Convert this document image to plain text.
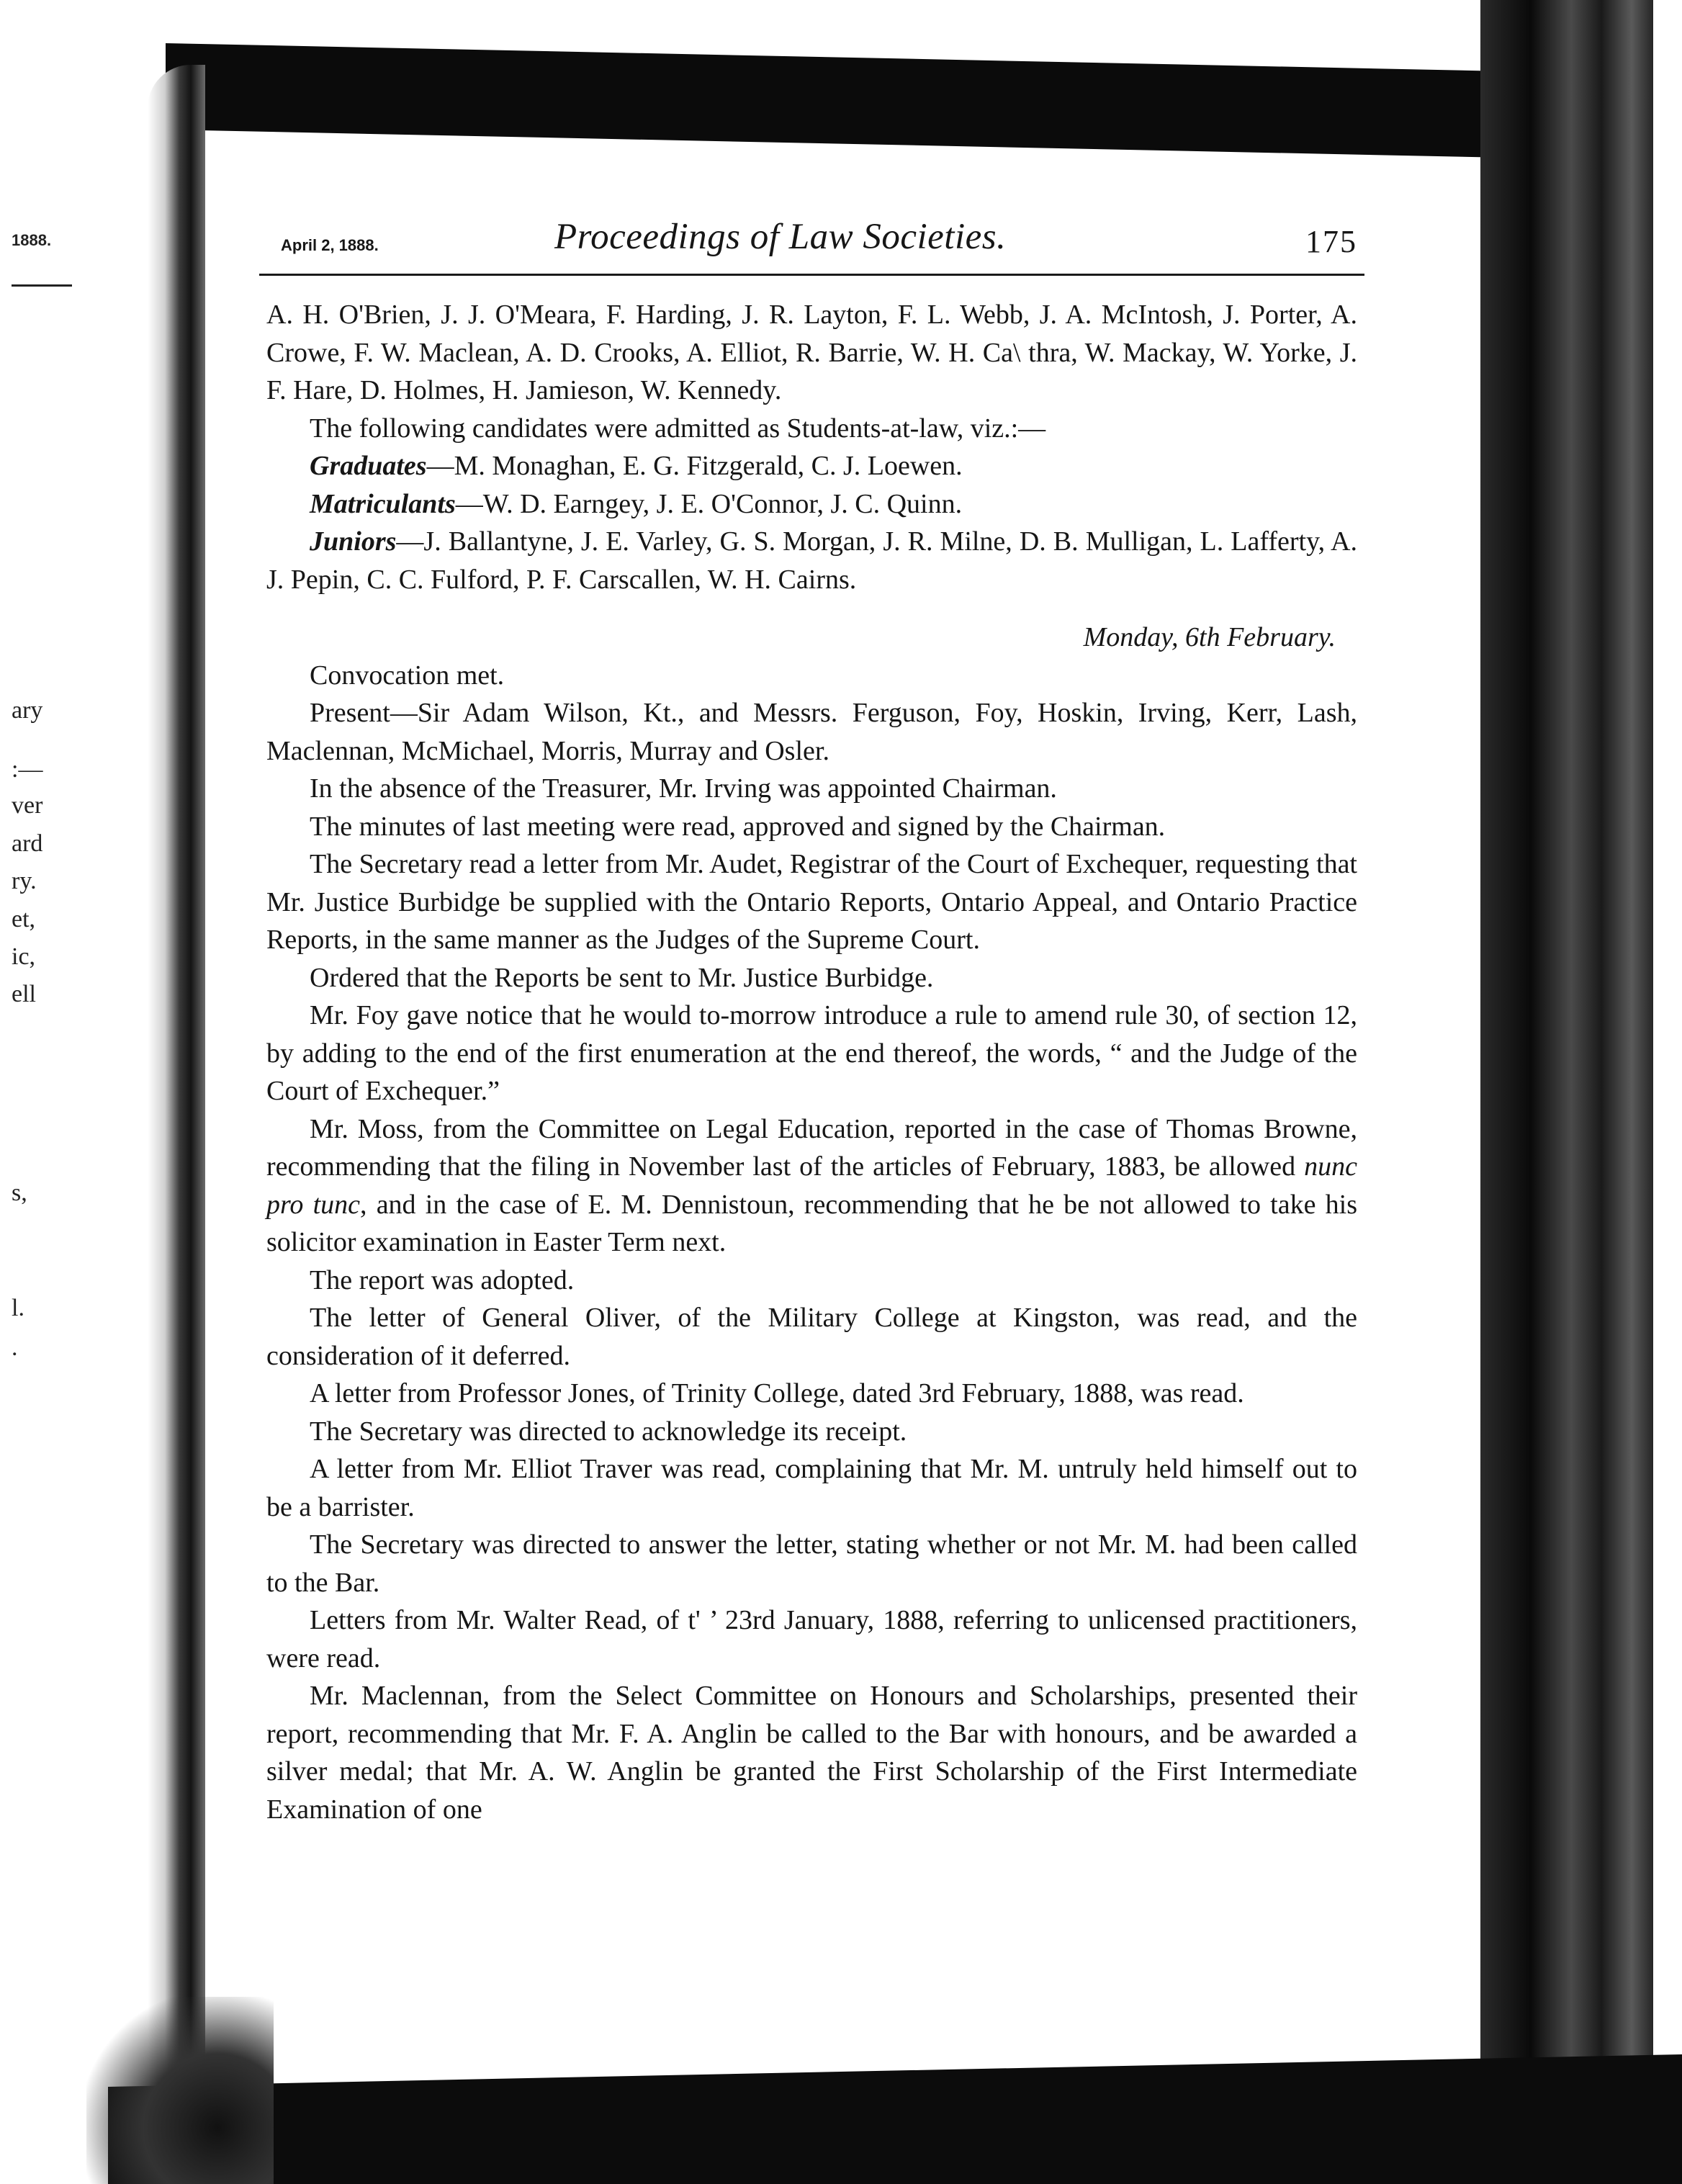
1888.
ary
:—
ver
ard
ry.
et,
ic,
ell
s,
l.
.
April 2, 1888.	Proceedings of Law Societies.	175

A. H. O'Brien, J. J. O'Meara, F. Harding, J. R. Layton, F. L. Webb, J. A. McIntosh, J. Porter, A. Crowe, F. W. Maclean, A. D. Crooks, A. Elliot, R. Barrie, W. H. Ca\ thra, W. Mackay, W. Yorke, J. F. Hare, D. Holmes, H. Jamieson, W. Kennedy.

The following candidates were admitted as Students-at-law, viz.:—

Graduates—M. Monaghan, E. G. Fitzgerald, C. J. Loewen.

Matriculants—W. D. Earngey, J. E. O'Connor, J. C. Quinn.

Juniors—J. Ballantyne, J. E. Varley, G. S. Morgan, J. R. Milne, D. B. Mulligan, L. Lafferty, A. J. Pepin, C. C. Fulford, P. F. Carscallen, W. H. Cairns.

Monday, 6th February.

Convocation met.

Present—Sir Adam Wilson, Kt., and Messrs. Ferguson, Foy, Hoskin, Irving, Kerr, Lash, Maclennan, McMichael, Morris, Murray and Osler.

In the absence of the Treasurer, Mr. Irving was appointed Chairman.

The minutes of last meeting were read, approved and signed by the Chairman.

The Secretary read a letter from Mr. Audet, Registrar of the Court of Exchequer, requesting that Mr. Justice Burbidge be supplied with the Ontario Reports, Ontario Appeal, and Ontario Practice Reports, in the same manner as the Judges of the Supreme Court.

Ordered that the Reports be sent to Mr. Justice Burbidge.

Mr. Foy gave notice that he would to-morrow introduce a rule to amend rule 30, of section 12, by adding to the end of the first enumeration at the end thereof, the words, “ and the Judge of the Court of Exchequer.”

Mr. Moss, from the Committee on Legal Education, reported in the case of Thomas Browne, recommending that the filing in November last of the articles of February, 1883, be allowed nunc pro tunc, and in the case of E. M. Dennistoun, recommending that he be not allowed to take his solicitor examination in Easter Term next.

The report was adopted.

The letter of General Oliver, of the Military College at Kingston, was read, and the consideration of it deferred.

A letter from Professor Jones, of Trinity College, dated 3rd February, 1888, was read.

The Secretary was directed to acknowledge its receipt.

A letter from Mr. Elliot Traver was read, complaining that Mr. M. untruly held himself out to be a barrister.

The Secretary was directed to answer the letter, stating whether or not Mr. M. had been called to the Bar.

Letters from Mr. Walter Read, of t' ’ 23rd January, 1888, referring to unlicensed practitioners, were read.

Mr. Maclennan, from the Select Committee on Honours and Scholarships, presented their report, recommending that Mr. F. A. Anglin be called to the Bar with honours, and be awarded a silver medal; that Mr. A. W. Anglin be granted the First Scholarship of the First Intermediate Examination of one
